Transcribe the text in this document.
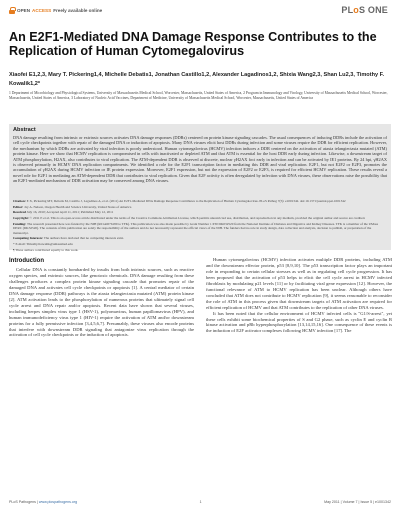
OPEN ACCESS Freely available online	PLoS ONE
An E2F1-Mediated DNA Damage Response Contributes to the Replication of Human Cytomegalovirus
Xiaofei E1,2,3, Mary T. Pickering1,4, Michelle Debatis1, Jonathan Castillo1,2, Alexander Lagadinos1,2, Shixia Wang2,3, Shan Lu2,3, Timothy F. Kowalik1,2*
1 Department of Microbiology and Physiological Systems, University of Massachusetts Medical School, Worcester, Massachusetts, United States of America, 2 Program in Immunology and Virology, University of Massachusetts Medical School, Worcester, Massachusetts, United States of America, 3 Laboratory of Nucleic Acid Vaccines, Department of Medicine, University of Massachusetts Medical School, Worcester, Massachusetts, United States of America
Abstract
DNA damage resulting from intrinsic or extrinsic sources activates DNA damage responses (DDRs) centered on protein kinase signaling cascades. The usual consequences of inducing DDRs include the activation of cell cycle checkpoints together with repair of the damaged DNA or induction of apoptosis. Many DNA viruses elicit host DDRs during infection and some viruses require the DDR for efficient replication. However, the mechanism by which DDRs are activated by viral infection is poorly understood. Human cytomegalovirus (HCMV) infection induces a DDR centered on the activation of ataxia telangiectasia mutated (ATM) protein kinase. Here we show that HCMV replication is compromised in cells with inactivated or depleted ATM and that ATM is essential for the host DDR early during infection. Likewise, a downstream target of ATM phosphorylation, H2AX, also contributes to viral replication. The ATM-dependent DDR is observed at discrete, nuclear γH2AX foci early in infection and can be activated by IE1 proteins. By 24 hpi, γH2AX is observed primarily in HCMV DNA replication compartments. We identified a role for the E2F1 transcription factor in mediating this DDR and viral replication. E2F1, but not E2F2 or E2F3, promotes the accumulation of γH2AX during HCMV infection or IE protein expression. Moreover, E2F1 expression, but not the expression of E2F2 or E2F3, is required for efficient HCMV replication. These results reveal a novel role for E2F1 in mediating an ATM-dependent DDR that contributes to viral replication. Given that E2F activity is often deregulated by infection with DNA viruses, these observations raise the possibility that an E2F1-mediated mechanism of DDR activation may be conserved among DNA viruses.

Citation: E X, Pickering MT, Debatis M, Castillo J, Lagadinos A, et al. (2011) An E2F1-Mediated DNA Damage Response Contributes to the Replication of Human Cytomegalovirus. PLoS Pathog 7(5): e1001342. doi:10.1371/journal.ppat.1001342

Editor: Jay A. Nelson, Oregon Health and Science University, United States of America

Received July 16, 2010; Accepted April 11, 2011; Published May 12, 2011

Copyright: © 2011 E et al. This is an open-access article distributed under the terms of the Creative Commons Attribution License, which permits unrestricted use, distribution, and reproduction in any medium, provided the original author and source are credited.

Funding: The research presented here was funded by the NIH (R01AI076189 to TFK). This publication was also made possible by Grant Number 1 P30 DK032520 from the National Institute of Diabetes and Digestive and Kidney Diseases. TFK is a member of the UMass DERC (DK32520). The contents of this publication are solely the responsibility of the authors and do not necessarily represent the official views of the NIH. The funders had no role in study design, data collection and analysis, decision to publish, or preparation of the manuscript.

Competing Interests: The authors have declared that no competing interests exist.

* E-mail: Timothy.Kowalik@umassmed.edu

¶ These authors contributed equally to this work.

Introduction

Cellular DNA is constantly bombarded by insults from both intrinsic sources, such as reactive oxygen species, and extrinsic sources, like genotoxic chemicals. DNA damage resulting from these challenges produces a complex protein kinase signaling cascade that promotes repair of the damaged DNA and activates cell cycle checkpoints or apoptosis [1]. A central mediator of certain DNA damage response (DDR) pathways is the ataxia telangiectasia mutated (ATM) protein kinase [2]. ATM activation leads to the phosphorylation of numerous proteins that ultimately signal cell cycle arrest and DNA repair and/or apoptosis. Recent data have shown that several viruses, including herpes simplex virus type 1 (HSV-1), polyomavirus, human papillomavirus (HPV), and human immunodeficiency virus type 1 (HIV-1) require the activation of ATM and/or downstream proteins for a fully permissive infection [3,4,5,6,7]. Presumably, these viruses also encode proteins that interfere with downstream DDR signaling that antagonize virus replication through the activation of cell cycle checkpoints or the induction of apoptosis.

Human cytomegalovirus (HCMV) infection activates multiple DDR proteins, including ATM and the downstream effector protein, p53 [8,9,10]. The p53 transcription factor plays an important role in responding to certain cellular stresses as well as in regulating cell cycle progression. It has been proposed that the activation of p53 helps to elicit the cell cycle arrest in HCMV infected fibroblasts by modulating p21 levels [11] or by facilitating viral gene expression [12]. However, the functional relevance of ATM to HCMV replication has been unclear. Although others have concluded that ATM does not contribute to HCMV replication [9], it seems reasonable to reconsider the role of ATM in this process given that downstream targets of ATM activation are required for efficient replication of HCMV and that ATM contributes to the replication of other DNA viruses.

It has been noted that the cellular environment of HCMV infected cells is "G1/S-arrest", yet these cells exhibit some biochemical properties of S and G2 phase, such as cyclin E and cyclin B kinase activation and pRb hyperphosphorylation [13,14,15,16]. One consequence of these events is the induction of E2F activator complexes following HCMV infection [17]. The

PLoS Pathogens | www.plospathogens.org	1	May 2011 | Volume 7 | Issue 5 | e1001342
